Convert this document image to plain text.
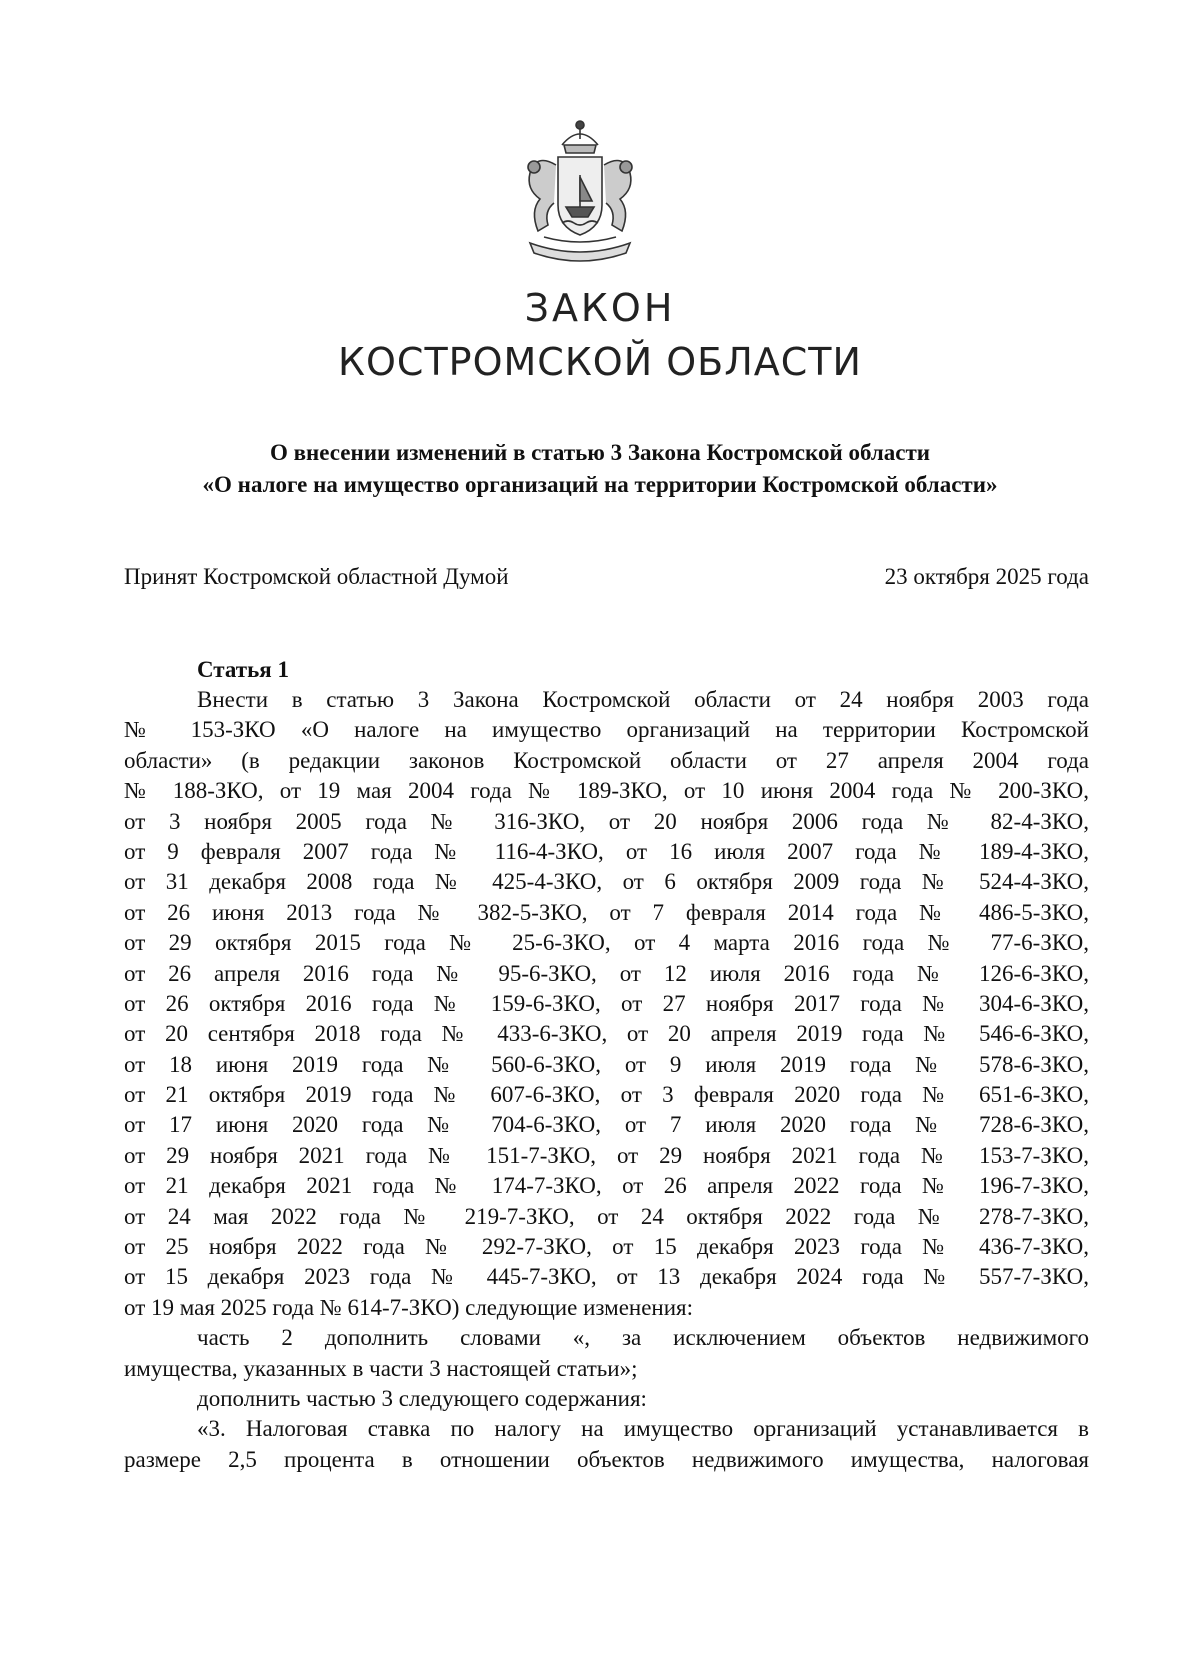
ЗАКОН
КОСТРОМСКОЙ ОБЛАСТИ
О внесении изменений в статью 3 Закона Костромской области
«О налоге на имущество организаций на территории Костромской области»
Принят Костромской областной Думой	23 октября 2025 года
Статья 1
Внести в статью 3 Закона Костромской области от 24 ноября 2003 года
№ 153-ЗКО «О налоге на имущество организаций на территории Костромской
области» (в редакции законов Костромской области от 27 апреля 2004 года
№ 188-ЗКО, от 19 мая 2004 года № 189-ЗКО, от 10 июня 2004 года № 200-ЗКО,
от 3 ноября 2005 года № 316-ЗКО, от 20 ноября 2006 года № 82-4-ЗКО,
от 9 февраля 2007 года № 116-4-ЗКО, от 16 июля 2007 года № 189-4-ЗКО,
от 31 декабря 2008 года № 425-4-ЗКО, от 6 октября 2009 года № 524-4-ЗКО,
от 26 июня 2013 года № 382-5-ЗКО, от 7 февраля 2014 года № 486-5-ЗКО,
от 29 октября 2015 года № 25-6-ЗКО, от 4 марта 2016 года № 77-6-ЗКО,
от 26 апреля 2016 года № 95-6-ЗКО, от 12 июля 2016 года № 126-6-ЗКО,
от 26 октября 2016 года № 159-6-ЗКО, от 27 ноября 2017 года № 304-6-ЗКО,
от 20 сентября 2018 года № 433-6-ЗКО, от 20 апреля 2019 года № 546-6-ЗКО,
от 18 июня 2019 года № 560-6-ЗКО, от 9 июля 2019 года № 578-6-ЗКО,
от 21 октября 2019 года № 607-6-ЗКО, от 3 февраля 2020 года № 651-6-ЗКО,
от 17 июня 2020 года № 704-6-ЗКО, от 7 июля 2020 года № 728-6-ЗКО,
от 29 ноября 2021 года № 151-7-ЗКО, от 29 ноября 2021 года № 153-7-ЗКО,
от 21 декабря 2021 года № 174-7-ЗКО, от 26 апреля 2022 года № 196-7-ЗКО,
от 24 мая 2022 года № 219-7-ЗКО, от 24 октября 2022 года № 278-7-ЗКО,
от 25 ноября 2022 года № 292-7-ЗКО, от 15 декабря 2023 года № 436-7-ЗКО,
от 15 декабря 2023 года № 445-7-ЗКО, от 13 декабря 2024 года № 557-7-ЗКО,
от 19 мая 2025 года № 614-7-ЗКО) следующие изменения:
часть 2 дополнить словами «, за исключением объектов недвижимого
имущества, указанных в части 3 настоящей статьи»;
дополнить частью 3 следующего содержания:
«3. Налоговая ставка по налогу на имущество организаций устанавливается в
размере 2,5 процента в отношении объектов недвижимого имущества, налоговая
